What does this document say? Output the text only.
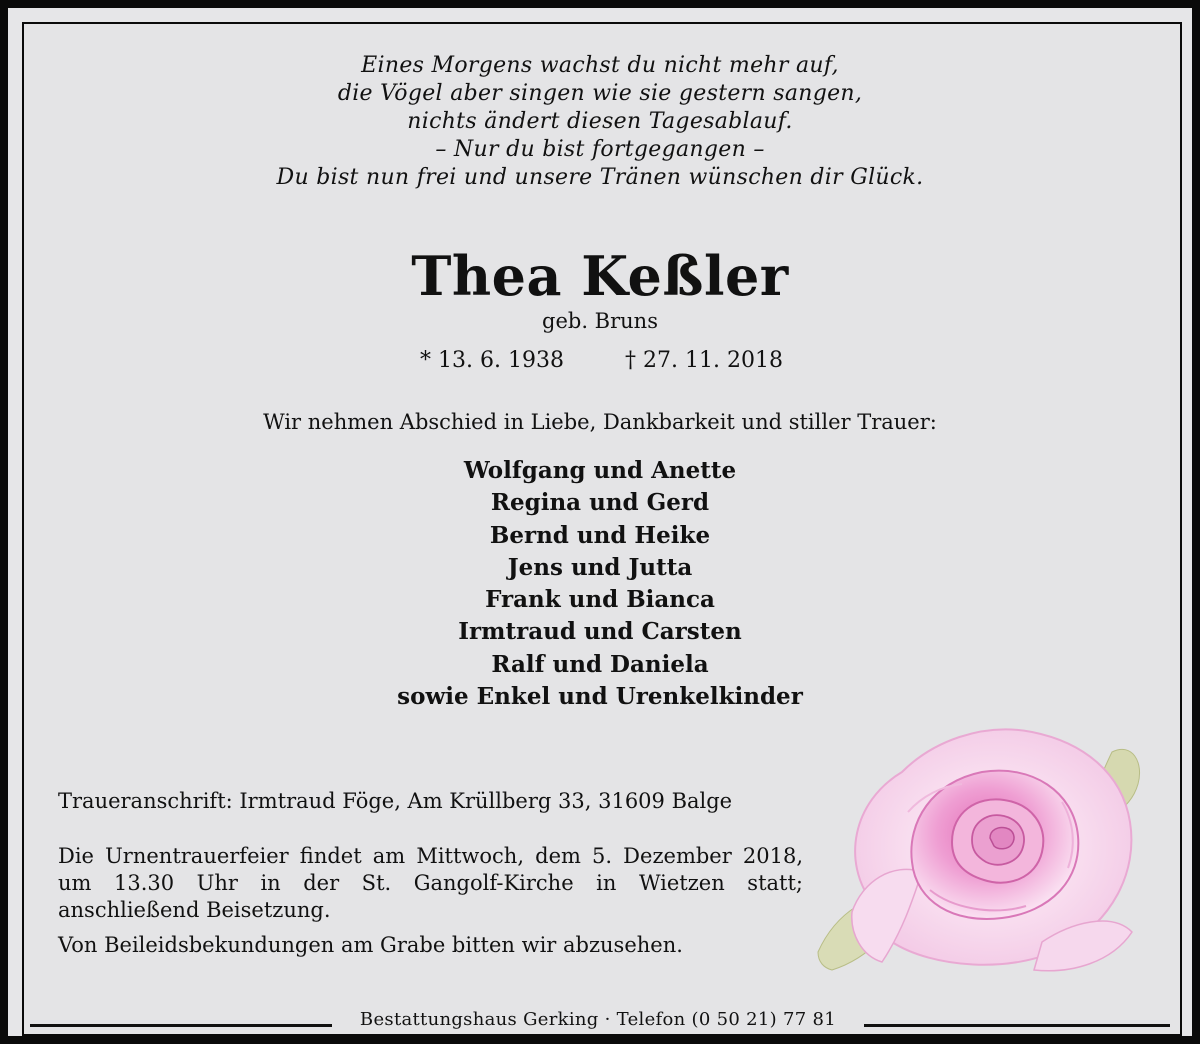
Eines Morgens wachst du nicht mehr auf,
die Vögel aber singen wie sie gestern sangen,
nichts ändert diesen Tagesablauf.
– Nur du bist fortgegangen –
Du bist nun frei und unsere Tränen wünschen dir Glück.
Thea Keßler
geb. Bruns
* 13. 6. 1938	† 27. 11. 2018
Wir nehmen Abschied in Liebe, Dankbarkeit und stiller Trauer:
Wolfgang und Anette
Regina und Gerd
Bernd und Heike
Jens und Jutta
Frank und Bianca
Irmtraud und Carsten
Ralf und Daniela
sowie Enkel und Urenkelkinder
Traueranschrift: Irmtraud Föge, Am Krüllberg 33, 31609 Balge
Die Urnentrauerfeier findet am Mittwoch, dem 5. Dezember 2018, um 13.30 Uhr in der St. Gangolf-Kirche in Wietzen statt; anschließend Beisetzung.
Von Beileidsbekundungen am Grabe bitten wir abzusehen.
Bestattungshaus Gerking · Telefon (0 50 21) 77 81
